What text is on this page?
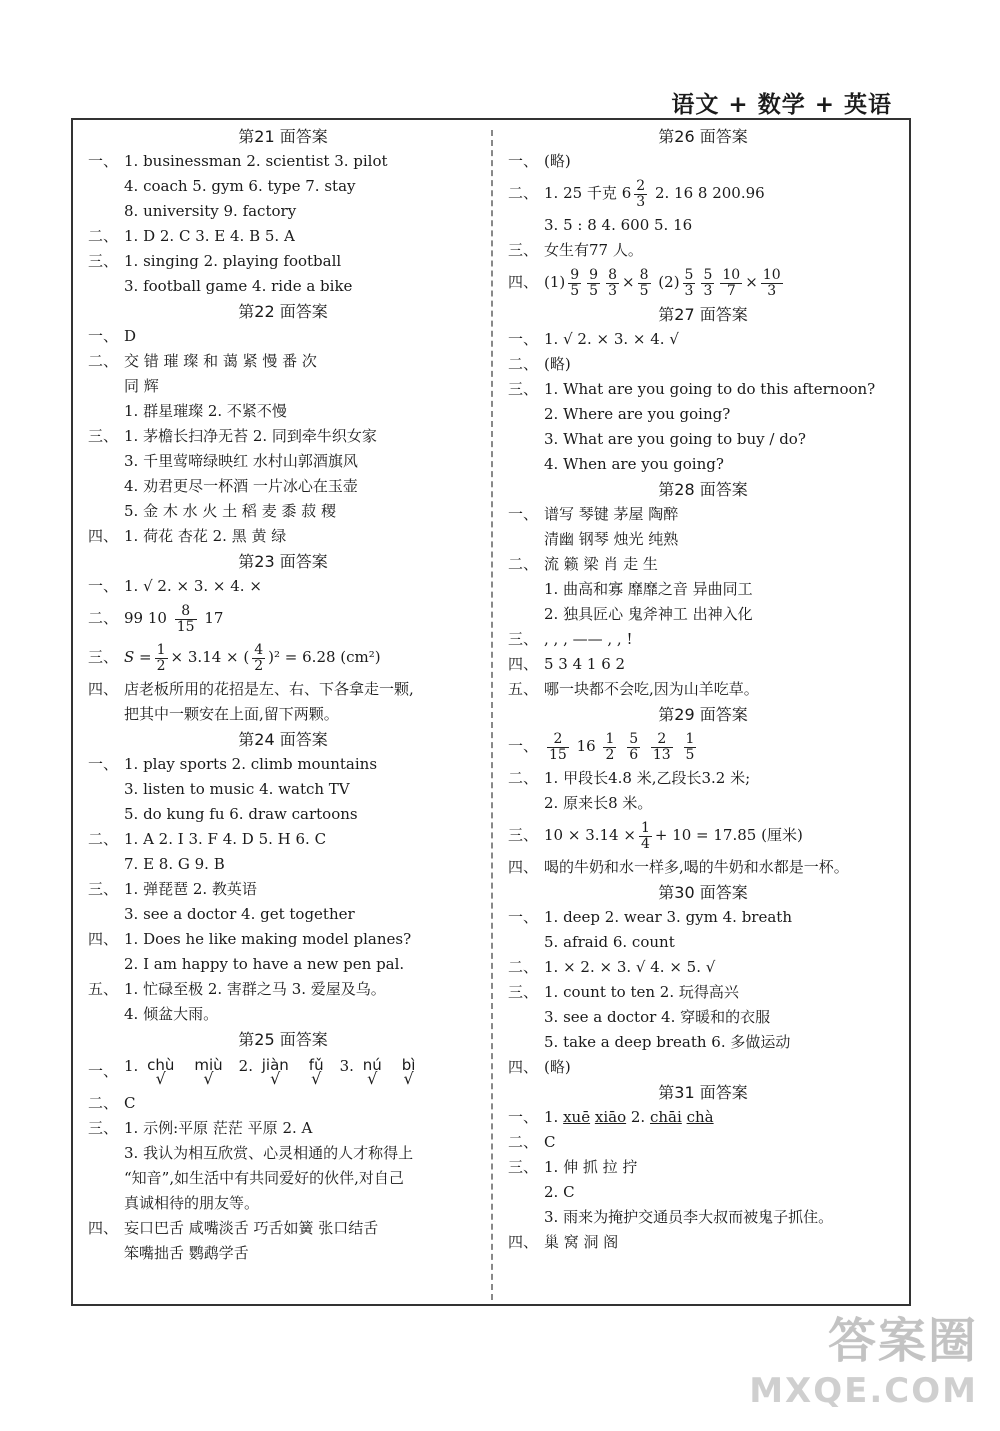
语文 + 数学 + 英语
第21 面答案
一、 1. businessman 2. scientist 3. pilot
4. coach 5. gym 6. type 7. stay
8. university 9. factory
二、 1. D 2. C 3. E 4. B 5. A
三、 1. singing 2. playing football
3. football game 4. ride a bike
第22 面答案
一、 D
二、 交 错 璀 璨 和 蔼 紧 慢 番 次
同 辉
1. 群星璀璨 2. 不紧不慢
三、 1. 茅檐长扫净无苔 2. 同到牵牛织女家
3. 千里莺啼绿映红 水村山郭酒旗风
4. 劝君更尽一杯酒 一片冰心在玉壶
5. 金 木 水 火 土 稻 麦 黍 菽 稷
四、 1. 荷花 杏花 2. 黑 黄 绿
第23 面答案
一、 1. √ 2. × 3. × 4. ×
二、 99 $10 \frac{8}{15} 17$
三、 $S = \frac{1}{2} \times 3.14$ × ( $\frac{4}{2} )^2 = 6.28$ (cm²)
四、 店老板所用的花招是左、右、下各拿走一颗,
把其中一颗安在上面,留下两颗。
第24 面答案
一、 1. play sports 2. climb mountains
3. listen to music 4. watch TV
5. do kung fu 6. draw cartoons
二、 1. A 2. I 3. F 4. D 5. H 6. C
7. E 8. G 9. B
三、 1. 弹琵琶 2. 教英语
3. see a doctor 4. get together
四、 1. Does he like making model planes?
2. I am happy to have a new pen pal.
五、 1. 忙碌至极 2. 害群之马 3. 爱屋及乌。
4. 倾盆大雨。
第25 面答案
一、 1. chù
√
miù
√
2. jiàn
√
fǔ
√
3. nú
√
bì
√
二、 C
三、 1. 示例:平原 茫茫 平原 2. A
3. 我认为相互欣赏、心灵相通的人才称得上
“知音”,如生活中有共同爱好的伙伴,对自己
真诚相待的朋友等。
四、 妄口巴舌 咸嘴淡舌 巧舌如簧 张口结舌
笨嘴拙舌 鹦鹉学舌
第26 面答案
一、 (略)
二、 1. 25 千克 $6 \frac{2}{3} 2$. 16 8 200.96
3. 5 : 8 4. 600 5. 16
三、 女生有77 人。
四、 $(1) \frac{9}{5} \frac{9}{5} \frac{8}{3} \times \frac{8}{5} (2) \frac{5}{3} \frac{5}{3} \frac{10}{7} \times \frac{10}{3}$
第27 面答案
一、 1. √ 2. × 3. × 4. √
二、 (略)
三、 1. What are you going to do this afternoon?
2. Where are you going?
3. What are you going to buy / do?
4. When are you going?
第28 面答案
一、 谱写 琴键 茅屋 陶醉
清幽 钢琴 烛光 纯熟
二、 流 籁 梁 肖 走 生
1. 曲高和寡 靡靡之音 异曲同工
2. 独具匠心 鬼斧神工 出神入化
三、 , , , —— , , !
四、 5 3 4 1 6 2
五、 哪一块都不会吃,因为山羊吃草。
第29 面答案
一、 $\frac{2}{15} 16 \frac{1}{2}$
$\frac{5}{6}$
$\frac{2}{13}$
$\frac{1}{5}$
二、 1. 甲段长4.8 米,乙段长3.2 米;
2. 原来长8 米。
三、 $10 \times 3.14 \times \frac{1}{4} + 10 = 17.85$ (厘米)
四、 喝的牛奶和水一样多,喝的牛奶和水都是一杯。
第30 面答案
一、 1. deep 2. wear 3. gym 4. breath
5. afraid 6. count
二、 1. × 2. × 3. √ 4. × 5. √
三、 1. count to ten 2. 玩得高兴
3. see a doctor 4. 穿暖和的衣服
5. take a deep breath 6. 多做运动
四、 (略)
第31 面答案
一、 1. xuē xiāo 2. chāi chà
二、 C
三、 1. 伸 抓 拉 拧
2. C
3. 雨来为掩护交通员李大叔而被鬼子抓住。
四、 巢 窝 洞 阁
答案圈
MXQE.COM
